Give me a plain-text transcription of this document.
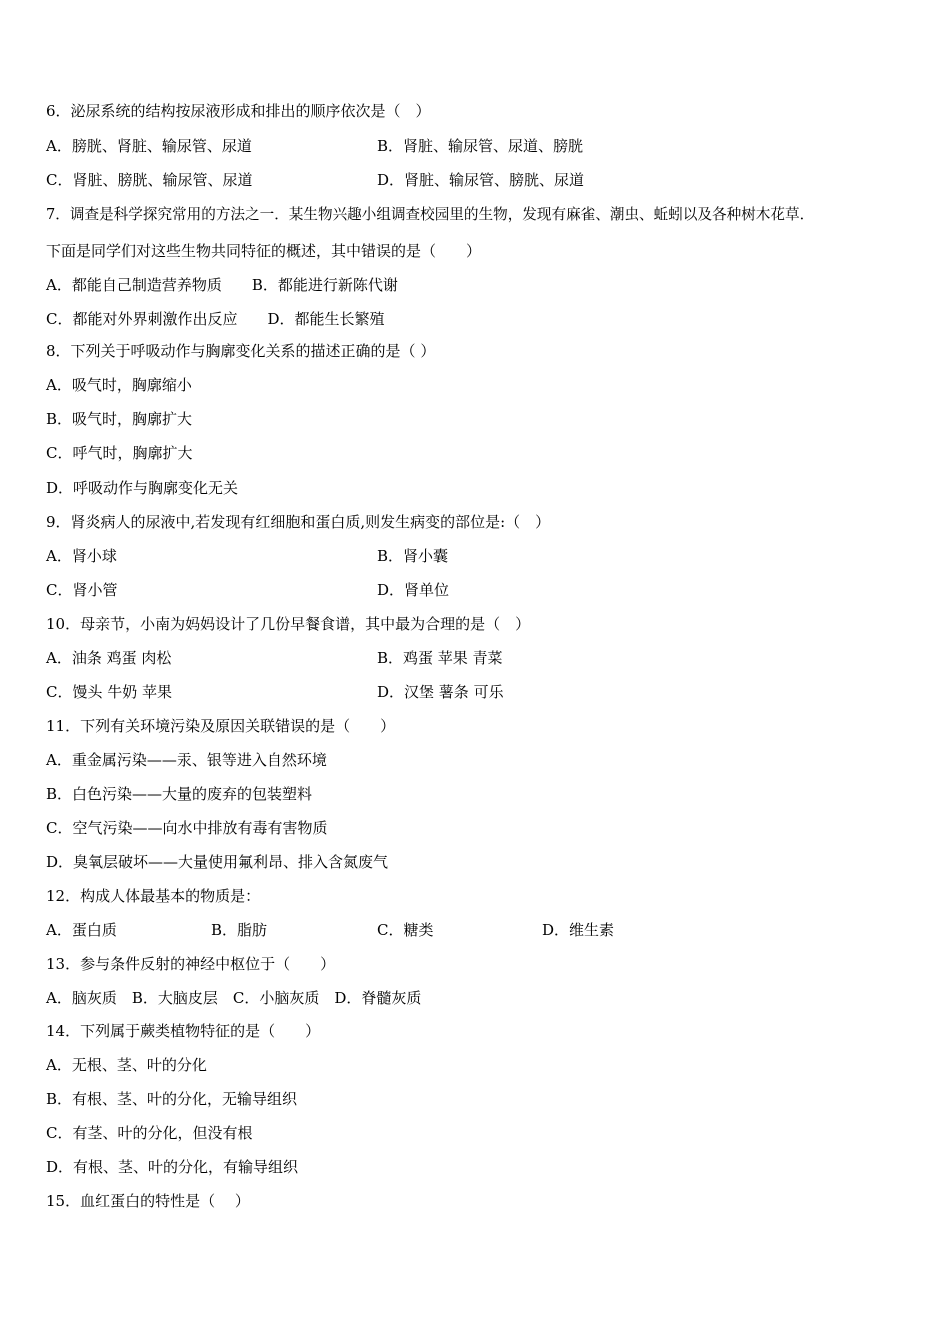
6．泌尿系统的结构按尿液形成和排出的顺序依次是（　）
A．膀胱、肾脏、输尿管、尿道	B．肾脏、输尿管、尿道、膀胱
C．肾脏、膀胱、输尿管、尿道	D．肾脏、输尿管、膀胱、尿道
7．调查是科学探究常用的方法之一．某生物兴趣小组调查校园里的生物，发现有麻雀、潮虫、蚯蚓以及各种树木花草．
下面是同学们对这些生物共同特征的概述，其中错误的是（　　）
A．都能自己制造营养物质　　B．都能进行新陈代谢
C．都能对外界刺激作出反应　　D．都能生长繁殖
8．下列关于呼吸动作与胸廓变化关系的描述正确的是（ ）
A．吸气时，胸廓缩小
B．吸气时，胸廓扩大
C．呼气时，胸廓扩大
D．呼吸动作与胸廓变化无关
9．肾炎病人的尿液中,若发现有红细胞和蛋白质,则发生病变的部位是:（　）
A．肾小球	B．肾小囊
C．肾小管	D．肾单位
10．母亲节，小南为妈妈设计了几份早餐食谱，其中最为合理的是（　）
A．油条 鸡蛋 肉松	B．鸡蛋 苹果 青菜
C．馒头 牛奶 苹果	D．汉堡 薯条 可乐
11．下列有关环境污染及原因关联错误的是（　　）
A．重金属污染——汞、银等进入自然环境
B．白色污染——大量的废弃的包装塑料
C．空气污染——向水中排放有毒有害物质
D．臭氧层破坏——大量使用氟利昂、排入含氮废气
12．构成人体最基本的物质是：
A．蛋白质	B．脂肪	C．糖类	D．维生素
13．参与条件反射的神经中枢位于（　　）
A．脑灰质　B．大脑皮层　C．小脑灰质　D．脊髓灰质
14．下列属于蕨类植物特征的是（　　）
A．无根、茎、叶的分化
B．有根、茎、叶的分化，无输导组织
C．有茎、叶的分化，但没有根
D．有根、茎、叶的分化，有输导组织
15．血红蛋白的特性是（　 ）
